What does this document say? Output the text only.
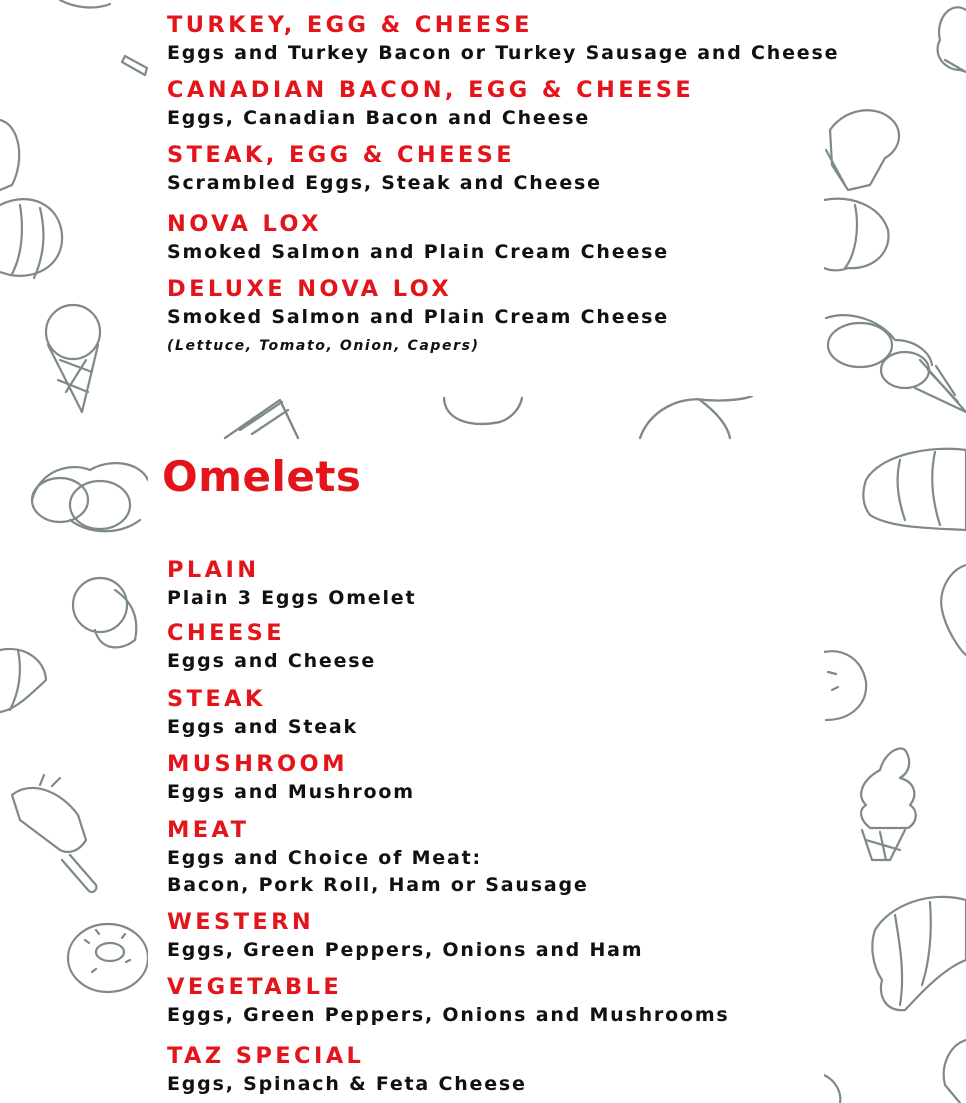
TURKEY, EGG & CHEESE

Eggs and Turkey Bacon or Turkey Sausage and Cheese

CANADIAN BACON, EGG & CHEESE

Eggs, Canadian Bacon and Cheese

STEAK, EGG & CHEESE

Scrambled Eggs, Steak and Cheese

NOVA LOX

Smoked Salmon and Plain Cream Cheese

DELUXE NOVA LOX

Smoked Salmon and Plain Cream Cheese

(Lettuce, Tomato, Onion, Capers)

Omelets
PLAIN

Plain 3 Eggs Omelet

CHEESE

Eggs and Cheese

STEAK

Eggs and Steak

MUSHROOM

Eggs and Mushroom

MEAT

Eggs and Choice of Meat:

Bacon, Pork Roll, Ham or Sausage

WESTERN

Eggs, Green Peppers, Onions and Ham

VEGETABLE

Eggs, Green Peppers, Onions and Mushrooms

TAZ SPECIAL

Eggs, Spinach & Feta Cheese
